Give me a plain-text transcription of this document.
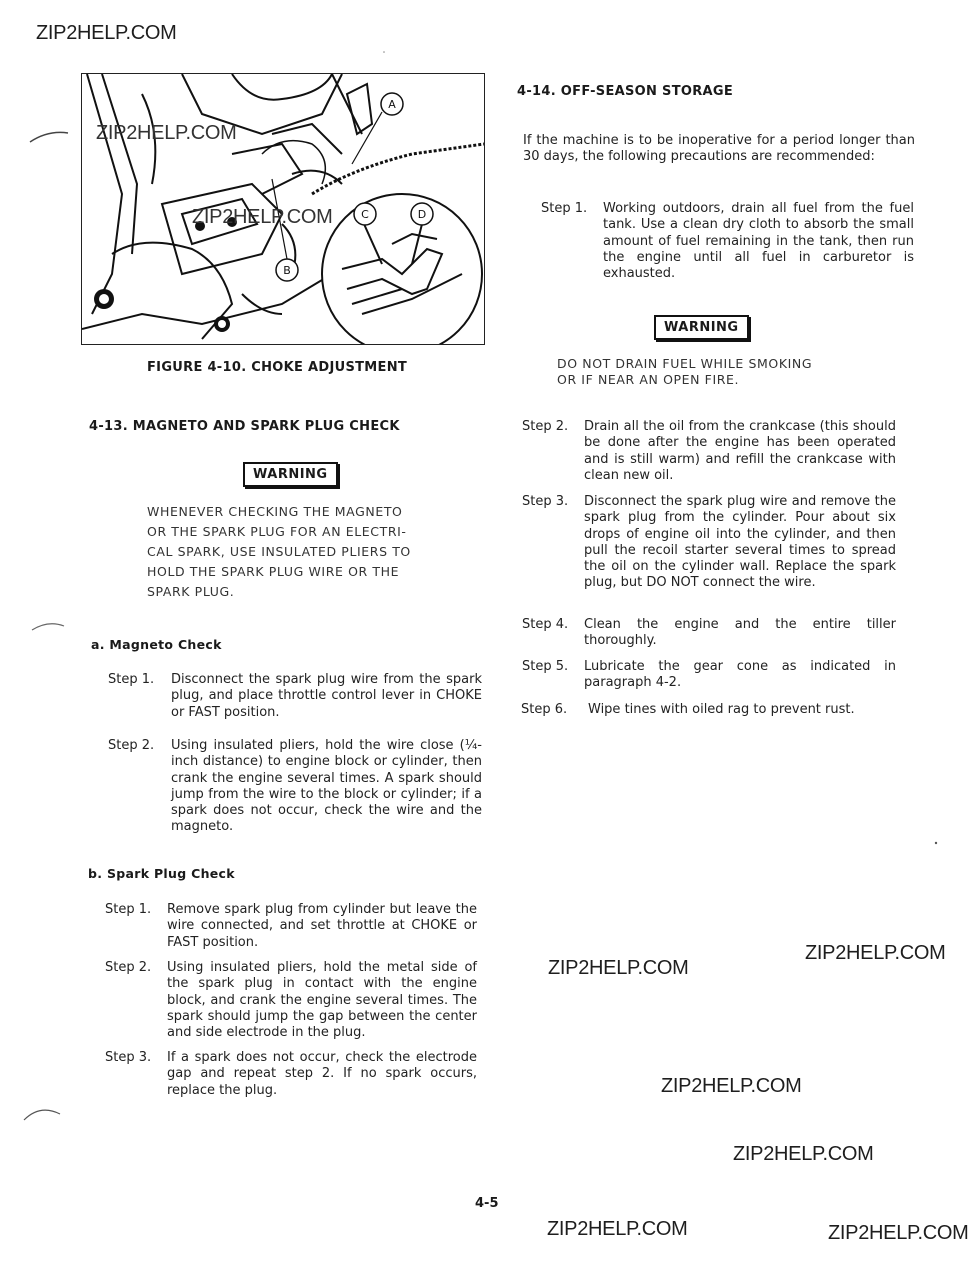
ZIP2HELP.COM
ZIP2HELP.COM
ZIP2HELP.COM
ZIP2HELP.COM
ZIP2HELP.COM
ZIP2HELP.COM	ZIP2HELP.COM
A
B
C	D
ZIP2HELP.COM
ZIP2HELP.COM
FIGURE 4-10. CHOKE ADJUSTMENT
4-13. MAGNETO AND SPARK PLUG CHECK
WARNING
WHENEVER CHECKING THE MAGNETO
OR THE SPARK PLUG FOR AN ELECTRI-
CAL SPARK, USE INSULATED PLIERS TO
HOLD THE SPARK PLUG WIRE OR THE
SPARK PLUG.
a. Magneto Check
Step 1. Disconnect the spark plug wire from the spark plug, and place throttle control lever in CHOKE or FAST position.
Step 2. Using insulated pliers, hold the wire close (¼-inch distance) to engine block or cylinder, then crank the engine several times. A spark should jump from the wire to the block or cylinder; if a spark does not occur, check the wire and the magneto.
b. Spark Plug Check
Step 1. Remove spark plug from cylinder but leave the wire connected, and set throttle at CHOKE or FAST position.
Step 2. Using insulated pliers, hold the metal side of the spark plug in contact with the engine block, and crank the engine several times. The spark should jump the gap between the center and side electrode in the plug.
Step 3. If a spark does not occur, check the electrode gap and repeat step 2. If no spark occurs, replace the plug.
4-14. OFF-SEASON STORAGE
If the machine is to be inoperative for a period longer than 30 days, the following precautions are recommended:
Step 1. Working outdoors, drain all fuel from the fuel tank. Use a clean dry cloth to absorb the small amount of fuel remaining in the tank, then run the engine until all fuel in carburetor is exhausted.
WARNING
DO NOT DRAIN FUEL WHILE SMOKING
OR IF NEAR AN OPEN FIRE.
Step 2. Drain all the oil from the crankcase (this should be done after the engine has been operated and is still warm) and refill the crankcase with clean new oil.
Step 3. Disconnect the spark plug wire and remove the spark plug from the cylinder. Pour about six drops of engine oil into the cylinder, and then pull the recoil starter several times to spread the oil on the cylinder wall. Replace the spark plug, but DO NOT connect the wire.
Step 4. Clean the engine and the entire tiller thoroughly.
Step 5. Lubricate the gear cone as indicated in paragraph 4-2.
Step 6. Wipe tines with oiled rag to prevent rust.
4-5
